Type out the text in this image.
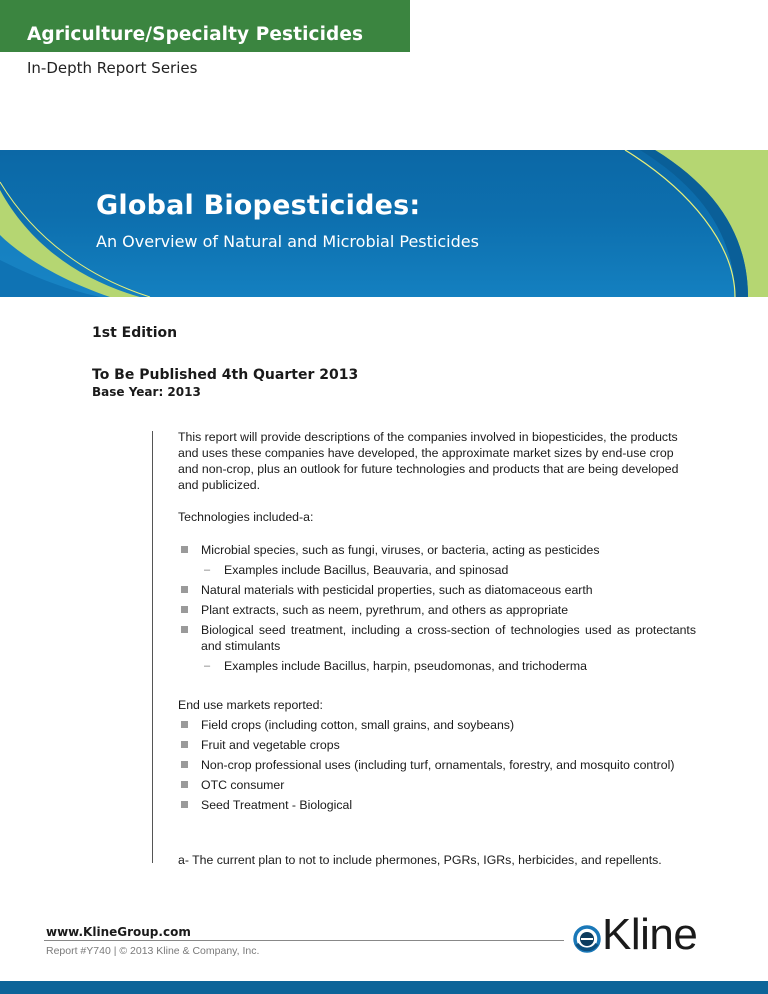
Agriculture/Specialty Pesticides
In-Depth Report Series
Global Biopesticides:
An Overview of Natural and Microbial Pesticides
1st Edition
To Be Published 4th Quarter 2013
Base Year: 2013

This report will provide descriptions of the companies involved in biopesticides, the products and uses these companies have developed, the approximate market sizes by end-use crop and non-crop, plus an outlook for future technologies and products that are being developed and publicized.

Technologies included-a:

Microbial species, such as fungi, viruses, or bacteria, acting as pesticides
– Examples include Bacillus, Beauvaria, and spinosad
Natural materials with pesticidal properties, such as diatomaceous earth
Plant extracts, such as neem, pyrethrum, and others as appropriate
Biological seed treatment, including a cross-section of technologies used as protectants and stimulants
– Examples include Bacillus, harpin, pseudomonas, and trichoderma

End use markets reported:

Field crops (including cotton, small grains, and soybeans)
Fruit and vegetable crops
Non-crop professional uses (including turf, ornamentals, forestry, and mosquito control)
OTC consumer
Seed Treatment - Biological

a- The current plan to not to include phermones, PGRs, IGRs, herbicides, and repellents.

www.KlineGroup.com
Report #Y740 | © 2013 Kline & Company, Inc.	Kline
